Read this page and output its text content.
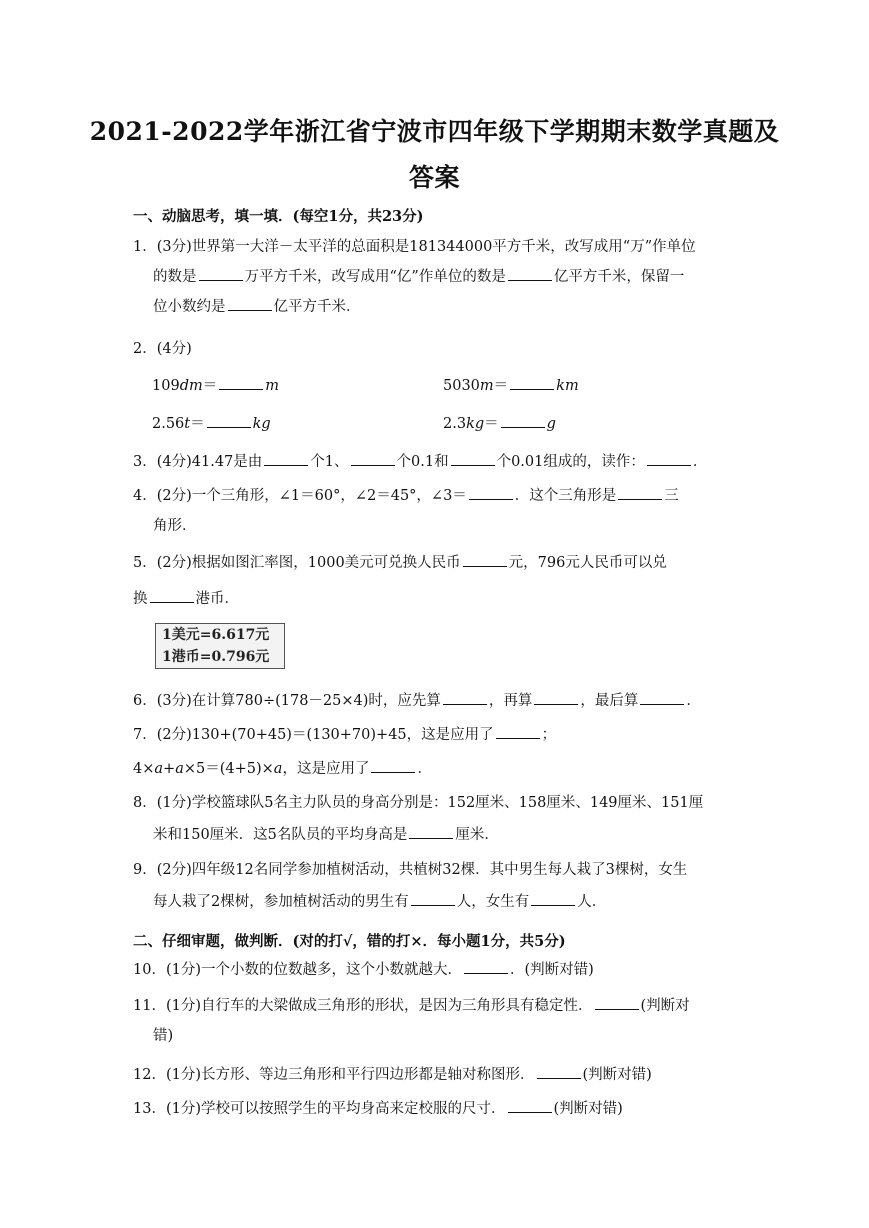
2021-2022学年浙江省宁波市四年级下学期期末数学真题及
答案
一、动脑思考，填一填．(每空1分，共23分)
1．(3分)世界第一大洋－太平洋的总面积是181344000平方千米，改写成用“万”作单位
的数是	万平方千米，改写成用“亿”作单位的数是	亿平方千米，保留一
位小数约是	亿平方千米．
2．(4分)
109dm＝	m	5030m＝	km
2.56t＝	kg	2.3kg＝	g
3．(4分)41.47是由	个1、	个0.1和	个0.01组成的，读作：	．
4．(2分)一个三角形，∠1＝60°，∠2＝45°，∠3＝	．这个三角形是	三
角形．
5．(2分)根据如图汇率图，1000美元可兑换人民币	元，796元人民币可以兑
换	港币．
1美元=6.617元
1港币=0.796元
6．(3分)在计算780÷(178－25×4)时，应先算	，再算	，最后算	．
7．(2分)130+(70+45)＝(130+70)+45，这是应用了	；
4×a+a×5＝(4+5)×a，这是应用了	．
8．(1分)学校篮球队5名主力队员的身高分别是：152厘米、158厘米、149厘米、151厘
米和150厘米．这5名队员的平均身高是	厘米．
9．(2分)四年级12名同学参加植树活动，共植树32棵．其中男生每人栽了3棵树，女生
每人栽了2棵树，参加植树活动的男生有	人，女生有	人．
二、仔细审题，做判断．(对的打√，错的打×．每小题1分，共5分)
10．(1分)一个小数的位数越多，这个小数就越大．	．(判断对错)
11．(1分)自行车的大梁做成三角形的形状，是因为三角形具有稳定性．	(判断对
错)
12．(1分)长方形、等边三角形和平行四边形都是轴对称图形．	(判断对错)
13．(1分)学校可以按照学生的平均身高来定校服的尺寸．	(判断对错)
